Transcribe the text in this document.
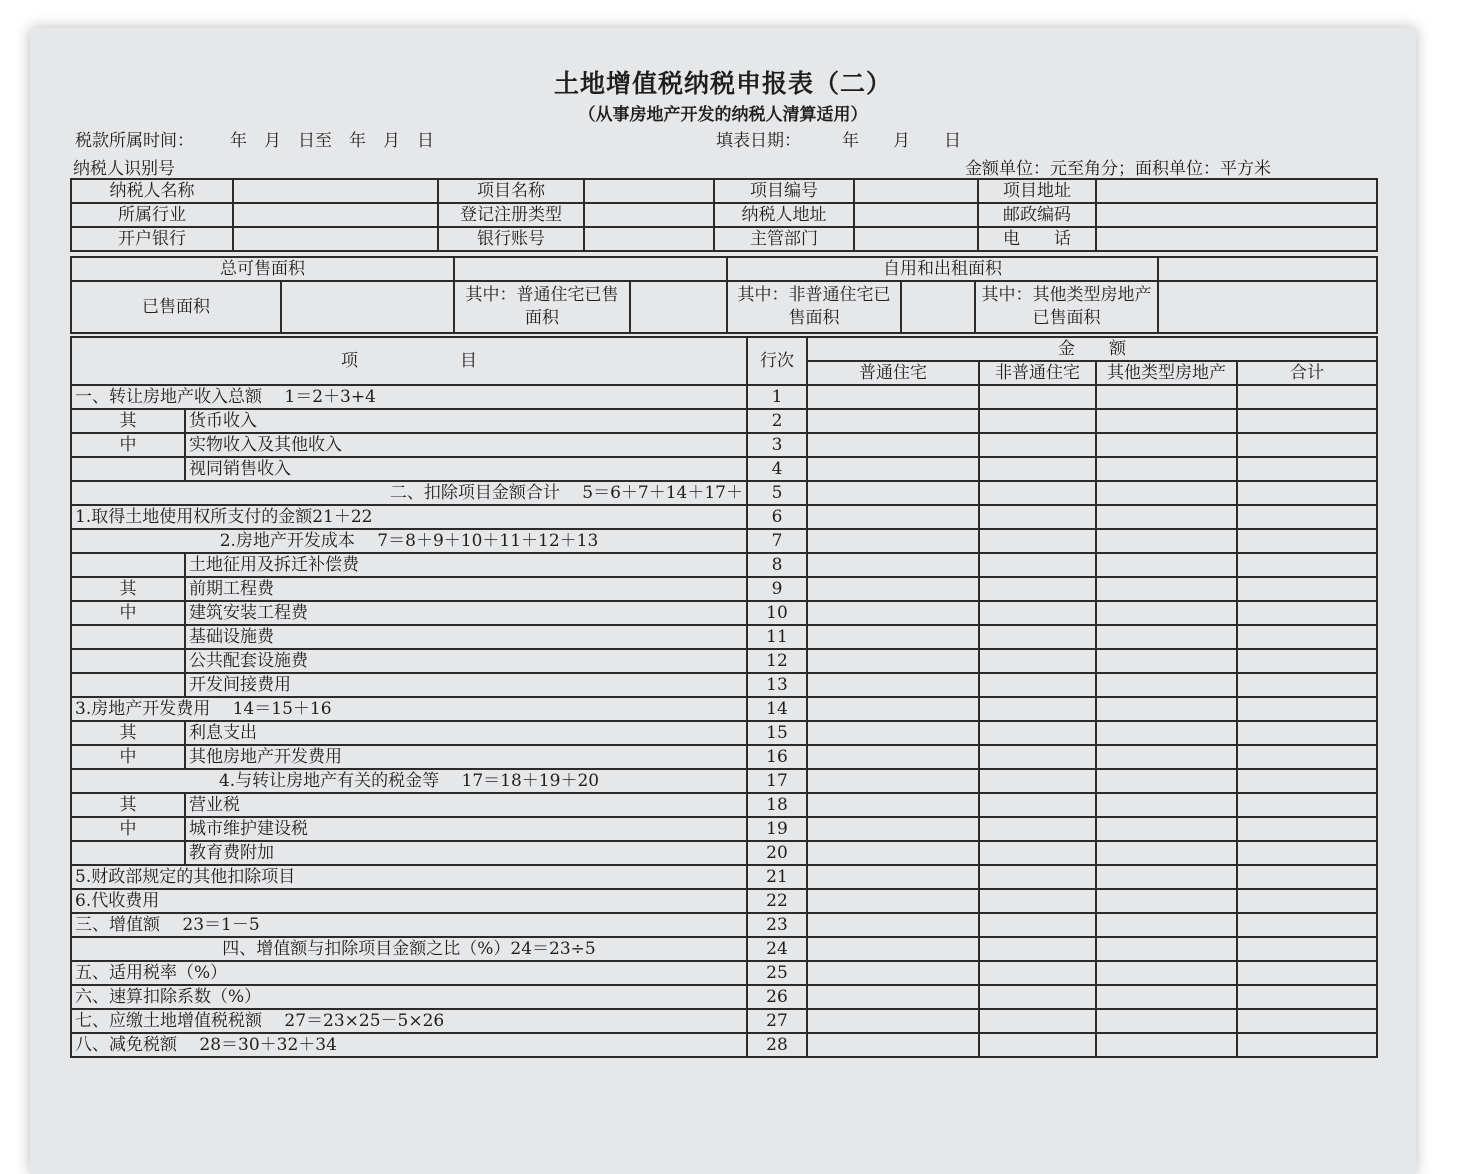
土地增值税纳税申报表（二）
（从事房地产开发的纳税人清算适用）
税款所属时间： 年　月　日至　年　月　日	填表日期： 年　　月　　日
纳税人识别号	金额单位：元至角分；面积单位：平方米
纳税人名称		项目名称		项目编号		项目地址	
所属行业		登记注册类型		纳税人地址		邮政编码	
开户银行		银行账号		主管部门		电　　话	
总可售面积				自用和出租面积			
已售面积		其中：普通住宅已售面积		其中：非普通住宅已售面积		其中：其他类型房地产已售面积	
项　　　　　　目		行次	金　　额			
			普通住宅	非普通住宅	其他类型房地产	合计
一、转让房地产收入总额　 1＝2＋3+4		1				
其	货币收入	2				
中	实物收入及其他收入	3				
	视同销售收入	4				
二、扣除项目金额合计　 5＝6＋7＋14＋17＋		5				
1.取得土地使用权所支付的金额21＋22		6				
2.房地产开发成本　 7＝8＋9＋10＋11＋12＋13		7				
	土地征用及拆迁补偿费	8				
其	前期工程费	9				
中	建筑安装工程费	10				
	基础设施费	11				
	公共配套设施费	12				
	开发间接费用	13				
3.房地产开发费用　 14＝15＋16		14				
其	利息支出	15				
中	其他房地产开发费用	16				
4.与转让房地产有关的税金等　 17＝18＋19＋20		17				
其	营业税	18				
中	城市维护建设税	19				
	教育费附加	20				
5.财政部规定的其他扣除项目		21				
6.代收费用		22				
三、增值额　 23＝1－5		23				
四、增值额与扣除项目金额之比（%）24＝23÷5		24				
五、适用税率（%）		25				
六、速算扣除系数（%）		26				
七、应缴土地增值税税额　 27＝23×25－5×26		27				
八、减免税额　 28＝30＋32＋34		28				
